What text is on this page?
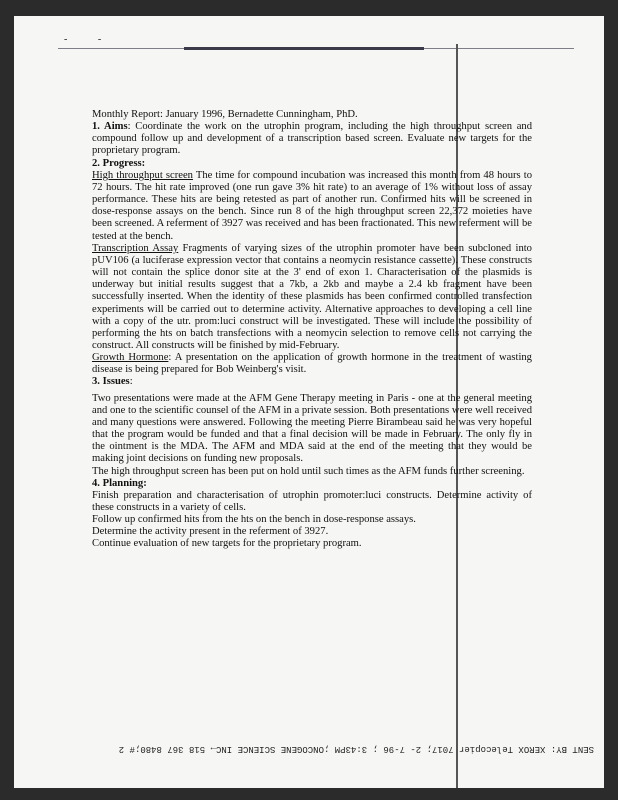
- -

Monthly Report: January 1996, Bernadette Cunningham, PhD.

1. Aims: Coordinate the work on the utrophin program, including the high throughput screen and compound follow up and development of a transcription based screen. Evaluate new targets for the proprietary program.

2. Progress:

High throughput screen The time for compound incubation was increased this month from 48 hours to 72 hours. The hit rate improved (one run gave 3% hit rate) to an average of 1% without loss of assay performance. These hits are being retested as part of another run. Confirmed hits will be screened in dose-response assays on the bench. Since run 8 of the high throughput screen 22,372 moieties have been screened. A referment of 3927 was received and has been fractionated. This new referment will be tested at the bench.

Transcription Assay Fragments of varying sizes of the utrophin promoter have been subcloned into pUV106 (a luciferase expression vector that contains a neomycin resistance cassette). These constructs will not contain the splice donor site at the 3' end of exon 1. Characterisation of the plasmids is underway but initial results suggest that a 7kb, a 2kb and maybe a 2.4 kb fragment have been successfully inserted. When the identity of these plasmids has been confirmed controlled transfection experiments will be carried out to determine activity. Alternative approaches to developing a cell line with a copy of the utr. prom:luci construct will be investigated. These will include the possibility of performing the hts on batch transfections with a neomycin selection to remove cells not carrying the construct. All constructs will be finished by mid-February.

Growth Hormone: A presentation on the application of growth hormone in the treatment of wasting disease is being prepared for Bob Weinberg's visit.

3. Issues:

Two presentations were made at the AFM Gene Therapy meeting in Paris - one at the general meeting and one to the scientific counsel of the AFM in a private session. Both presentations were well received and many questions were answered. Following the meeting Pierre Birambeau said he was very hopeful that the program would be funded and that a final decision will be made in February. The only fly in the ointment is the MDA. The AFM and MDA said at the end of the meeting that they would be making joint decisions on funding new proposals.

The high throughput screen has been put on hold until such times as the AFM funds further screening.

4. Planning:

Finish preparation and characterisation of utrophin promoter:luci constructs. Determine activity of these constructs in a variety of cells.

Follow up confirmed hits from the hts on the bench in dose-response assays.

Determine the activity present in the referment of 3927.

Continue evaluation of new targets for the proprietary program.

SENT BY: XEROX Telecopier 7017; 2- 7-96 ; 3:43PM ;ONCOGENE SCIENCE INC→ 518 367 8480;# 2
